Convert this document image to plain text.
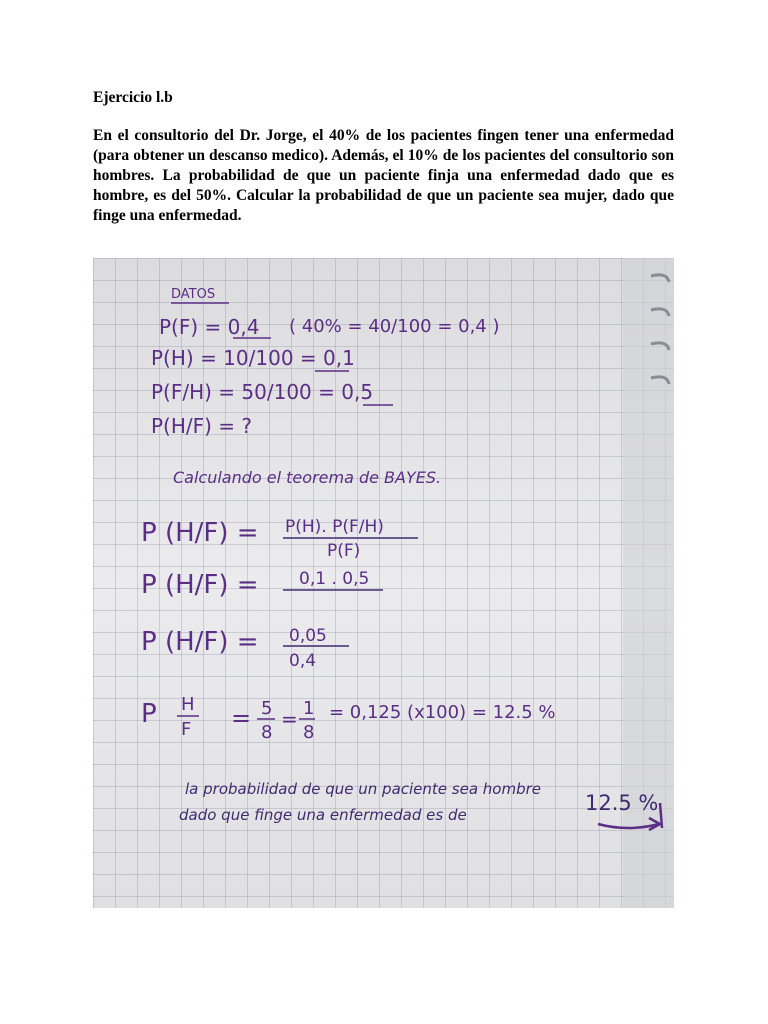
Ejercicio l.b

En el consultorio del Dr. Jorge, el 40% de los pacientes fingen tener una enfermedad (para obtener un descanso medico). Además, el 10% de los pacientes del consultorio son hombres. La probabilidad de que un paciente finja una enfermedad dado que es hombre, es del 50%. Calcular la probabilidad de que un paciente sea mujer, dado que finge una enfermedad.

DATOS
P(F) = 0,4 ( 40% = 40/100 = 0,4 )
P(H) = 10/100 = 0,1
P(F/H) = 50/100 = 0,5
P(H/F) = ?
Calculando el teorema de BAYES.
P (H/F) = P(H). P(F/H)
P(F)
P (H/F) = 0,1 . 0,5
P (H/F) = 0,05
0,4
P H
F = 5
8
= 1
8
= 0,125 (x100) = 12.5 %
la probabilidad de que un paciente sea hombre
dado que finge una enfermedad es de	12.5 %
